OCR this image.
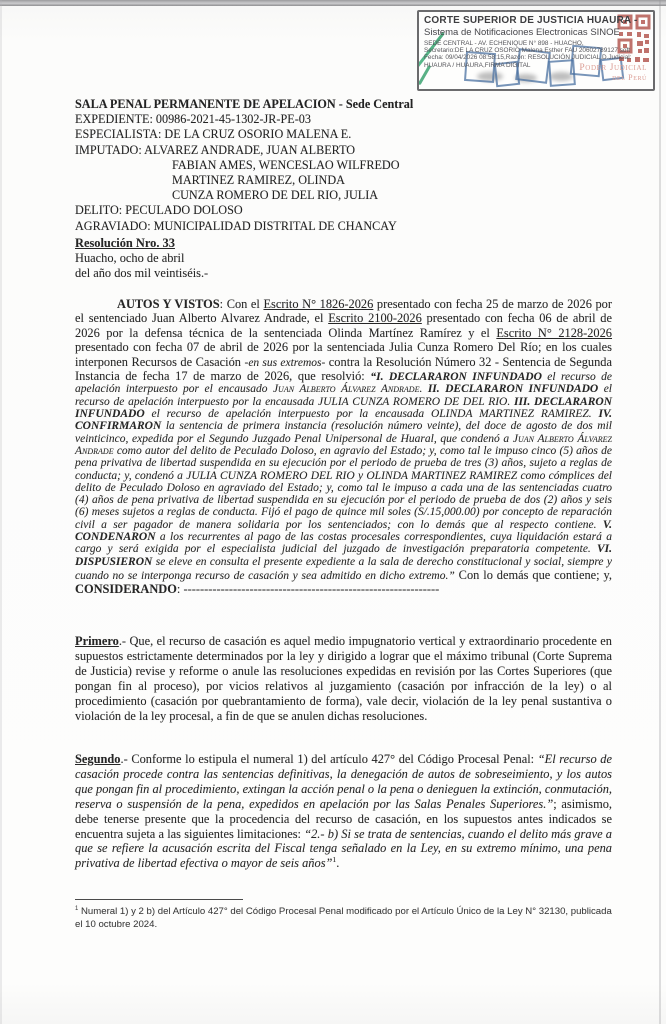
CORTE SUPERIOR DE JUSTICIA HUAURA -
Sistema de Notificaciones Electronicas SINOE
SEDE CENTRAL - AV. ECHENIQUE N° 898 - HUACHO,
Secretario:DE LA CRUZ OSORIO Malena Esther FAU 20602789127 soft
Fecha: 09/04/2026 08:58:15,Razón: RESOLUCIÓN JUDICIAL,D.Judicial:
HUAURA / HUAURA,FIRMA DIGITAL	Poder Judicial
del Perú
SALA PENAL PERMANENTE DE APELACION - Sede Central
EXPEDIENTE: 00986-2021-45-1302-JR-PE-03
ESPECIALISTA: DE LA CRUZ OSORIO MALENA E.
IMPUTADO: ALVAREZ ANDRADE, JUAN ALBERTO
FABIAN AMES, WENCESLAO WILFREDO
MARTINEZ RAMIREZ, OLINDA
CUNZA ROMERO DE DEL RIO, JULIA
DELITO: PECULADO DOLOSO
AGRAVIADO: MUNICIPALIDAD DISTRITAL DE CHANCAY
Resolución Nro. 33
Huacho, ocho de abril
del año dos mil veintiséis.-
AUTOS Y VISTOS: Con el Escrito N° 1826-2026 presentado con fecha 25 de marzo de 2026 por el sentenciado Juan Alberto Alvarez Andrade, el Escrito 2100-2026 presentado con fecha 06 de abril de 2026 por la defensa técnica de la sentenciada Olinda Martínez Ramírez y el Escrito N° 2128-2026 presentado con fecha 07 de abril de 2026 por la sentenciada Julia Cunza Romero Del Río; en los cuales interponen Recursos de Casación -en sus extremos- contra la Resolución Número 32 - Sentencia de Segunda Instancia de fecha 17 de marzo de 2026, que resolvió: “I. DECLARARON INFUNDADO el recurso de apelación interpuesto por el encausado Juan Alberto Álvarez Andrade. II. DECLARARON INFUNDADO el recurso de apelación interpuesto por la encausada JULIA CUNZA ROMERO DE DEL RIO. III. DECLARARON INFUNDADO el recurso de apelación interpuesto por la encausada OLINDA MARTINEZ RAMIREZ. IV. CONFIRMARON la sentencia de primera instancia (resolución número veinte), del doce de agosto de dos mil veinticinco, expedida por el Segundo Juzgado Penal Unipersonal de Huaral, que condenó a Juan Alberto Álvarez Andrade como autor del delito de Peculado Doloso, en agravio del Estado; y, como tal le impuso cinco (5) años de pena privativa de libertad suspendida en su ejecución por el periodo de prueba de tres (3) años, sujeto a reglas de conducta; y, condenó a JULIA CUNZA ROMERO DEL RIO y OLINDA MARTINEZ RAMIREZ como cómplices del delito de Peculado Doloso en agraviado del Estado; y, como tal le impuso a cada una de las sentenciadas cuatro (4) años de pena privativa de libertad suspendida en su ejecución por el periodo de prueba de dos (2) años y seis (6) meses sujetos a reglas de conducta. Fijó el pago de quince mil soles (S/.15,000.00) por concepto de reparación civil a ser pagador de manera solidaria por los sentenciados; con lo demás que al respecto contiene. V. CONDENARON a los recurrentes al pago de las costas procesales correspondientes, cuya liquidación estará a cargo y será exigida por el especialista judicial del juzgado de investigación preparatoria competente. VI. DISPUSIERON se eleve en consulta el presente expediente a la sala de derecho constitucional y social, siempre y cuando no se interponga recurso de casación y sea admitido en dicho extremo.” Con lo demás que contiene; y, CONSIDERANDO: --------------------------------------------------------------
Primero.- Que, el recurso de casación es aquel medio impugnatorio vertical y extraordinario procedente en supuestos estrictamente determinados por la ley y dirigido a lograr que el máximo tribunal (Corte Suprema de Justicia) revise y reforme o anule las resoluciones expedidas en revisión por las Cortes Superiores (que pongan fin al proceso), por vicios relativos al juzgamiento (casación por infracción de la ley) o al procedimiento (casación por quebrantamiento de forma), vale decir, violación de la ley penal sustantiva o violación de la ley procesal, a fin de que se anulen dichas resoluciones.
Segundo.- Conforme lo estipula el numeral 1) del artículo 427° del Código Procesal Penal: “El recurso de casación procede contra las sentencias definitivas, la denegación de autos de sobreseimiento, y los autos que pongan fin al procedimiento, extingan la acción penal o la pena o denieguen la extinción, conmutación, reserva o suspensión de la pena, expedidos en apelación por las Salas Penales Superiores.”; asimismo, debe tenerse presente que la procedencia del recurso de casación, en los supuestos antes indicados se encuentra sujeta a las siguientes limitaciones: “2.- b) Si se trata de sentencias, cuando el delito más grave a que se refiere la acusación escrita del Fiscal tenga señalado en la Ley, en su extremo mínimo, una pena privativa de libertad efectiva o mayor de seis años”$^1$.
$^1$ Numeral 1) y 2 b) del Artículo 427° del Código Procesal Penal modificado por el Artículo Único de la Ley N° 32130, publicada el 10 octubre 2024.
